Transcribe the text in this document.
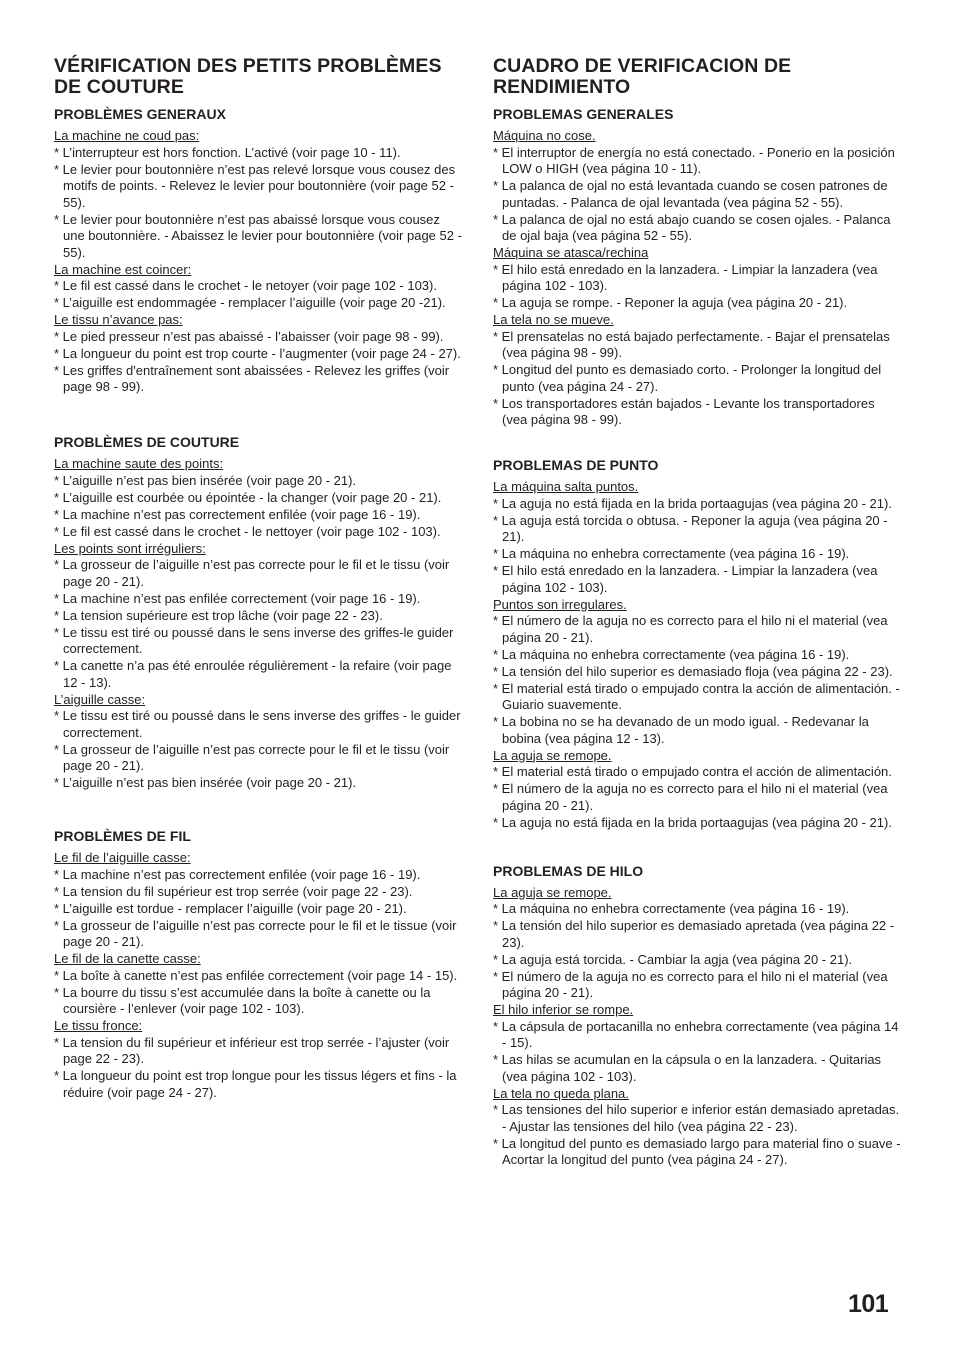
VÉRIFICATION DES PETITS PROBLÈMES DE COUTURE
PROBLÈMES GENERAUX
La machine ne coud pas:
* L’interrupteur est hors fonction. L’activé (voir page 10 - 11).
* Le levier pour boutonnière n’est pas relevé lorsque vous cousez des motifs de points. - Relevez le levier pour boutonnière (voir page 52 - 55).
* Le levier pour boutonnière n’est pas abaissé lorsque vous cousez une boutonnière. - Abaissez le levier pour boutonnière (voir page 52 - 55).
La machine est coincer:
* Le fil est cassé dans le crochet - le netoyer (voir page 102 - 103).
* L’aiguille est endommagée - remplacer l’aiguille (voir page 20 -21).
Le tissu n’avance pas:
* Le pied presseur n’est pas abaissé - l’abaisser (voir page 98 - 99).
* La longueur du point est trop courte - l’augmenter (voir page 24 - 27).
* Les griffes d'entraînement sont abaissées - Relevez les griffes (voir page 98 - 99).
PROBLÈMES DE COUTURE
La machine saute des points:
* L’aiguille n’est pas bien insérée (voir page 20 - 21).
* L’aiguille est courbée ou épointée - la changer (voir page 20 - 21).
* La machine n’est pas correctement enfilée (voir page 16 - 19).
* Le fil est cassé dans le crochet - le nettoyer (voir page 102 - 103).
Les points sont irréguliers:
* La grosseur de l’aiguille n’est pas correcte pour le fil et le tissu (voir page 20 - 21).
* La machine n’est pas enfilée correctement (voir page 16 - 19).
* La tension supérieure est trop lâche (voir page 22 - 23).
* Le tissu est tiré ou poussé dans le sens inverse des griffes-le guider correctement.
* La canette n’a pas été enroulée régulièrement - la refaire (voir page 12 - 13).
L’aiguille casse:
* Le tissu est tiré ou poussé dans le sens inverse des griffes - le guider correctement.
* La grosseur de l’aiguille n’est pas correcte pour le fil et le tissu (voir page 20 - 21).
* L’aiguille n’est pas bien insérée (voir page 20 - 21).
PROBLÈMES DE FIL
Le fil de l’aiguille casse:
* La machine n’est pas correctement enfilée (voir page 16 - 19).
* La tension du fil supérieur est trop serrée (voir page 22 - 23).
* L’aiguille est tordue - remplacer l’aiguille (voir page 20 - 21).
* La grosseur de l’aiguille n’est pas correcte pour le fil et le tissue (voir page 20 - 21).
Le fil de la canette casse:
* La boîte à canette n’est pas enfilée correctement (voir page 14 - 15).
* La bourre du tissu s’est accumulée dans la boîte à canette ou la coursière - l’enlever (voir page 102 - 103).
Le tissu fronce:
* La tension du fil supérieur et inférieur est trop serrée - l’ajuster (voir page 22 - 23).
* La longueur du point est trop longue pour les tissus légers et fins - la réduire (voir page 24 - 27).
CUADRO DE VERIFICACION DE RENDIMIENTO
PROBLEMAS GENERALES
Máquina no cose.
* El interruptor de energía no está conectado. - Ponerio en la posición LOW o HIGH (vea página 10 - 11).
* La palanca de ojal no está levantada cuando se cosen patrones de puntadas. - Palanca de ojal levantada (vea página 52 - 55).
* La palanca de ojal no está abajo cuando se cosen ojales. - Palanca de ojal baja (vea página 52 - 55).
Máquina se atasca/rechina
* El hilo está enredado en la lanzadera. - Limpiar la lanzadera (vea página 102 - 103).
* La aguja se rompe. - Reponer la aguja (vea página 20 - 21).
La tela no se mueve.
* El prensatelas no está bajado perfectamente. - Bajar el prensatelas (vea página 98 - 99).
* Longitud del punto es demasiado corto. - Prolonger la longitud del punto (vea página 24 - 27).
* Los transportadores están bajados - Levante los transportadores (vea página 98 - 99).
PROBLEMAS DE PUNTO
La máquina salta puntos.
* La aguja no está fijada en la brida portaagujas (vea página 20 - 21).
* La aguja está torcida o obtusa. - Reponer la aguja (vea página 20 - 21).
* La máquina no enhebra correctamente (vea página 16 - 19).
* El hilo está enredado en la lanzadera. - Limpiar la lanzadera (vea página 102 - 103).
Puntos son irregulares.
* El número de la aguja no es correcto para el hilo ni el material (vea página 20 - 21).
* La máquina no enhebra correctamente (vea página 16 - 19).
* La tensión del hilo superior es demasiado floja (vea página 22 - 23).
* El material está tirado o empujado contra la acción de alimentación. - Guiario suavemente.
* La bobina no se ha devanado de un modo igual. - Redevanar la bobina (vea página 12 - 13).
La aguja se remope.
* El material está tirado o empujado contra el acción de alimentación.
* El número de la aguja no es correcto para el hilo ni el material (vea página 20 - 21).
* La aguja no está fijada en la brida portaagujas (vea página 20 - 21).
PROBLEMAS DE HILO
La aguja se remope.
* La máquina no enhebra correctamente (vea página 16 - 19).
* La tensión del hilo superior es demasiado apretada (vea página 22 - 23).
* La aguja está torcida. - Cambiar la agja (vea página 20 - 21).
* El número de la aguja no es correcto para el hilo ni el material (vea página 20 - 21).
El hilo inferior se rompe.
* La cápsula de portacanilla no enhebra correctamente (vea página 14 - 15).
* Las hilas se acumulan en la cápsula o en la lanzadera. - Quitarias (vea página 102 - 103).
La tela no queda plana.
* Las tensiones del hilo superior e inferior están demasiado apretadas. - Ajustar las tensiones del hilo (vea página 22 - 23).
* La longitud del punto es demasiado largo para material fino o suave - Acortar la longitud del punto (vea página 24 - 27).
101
